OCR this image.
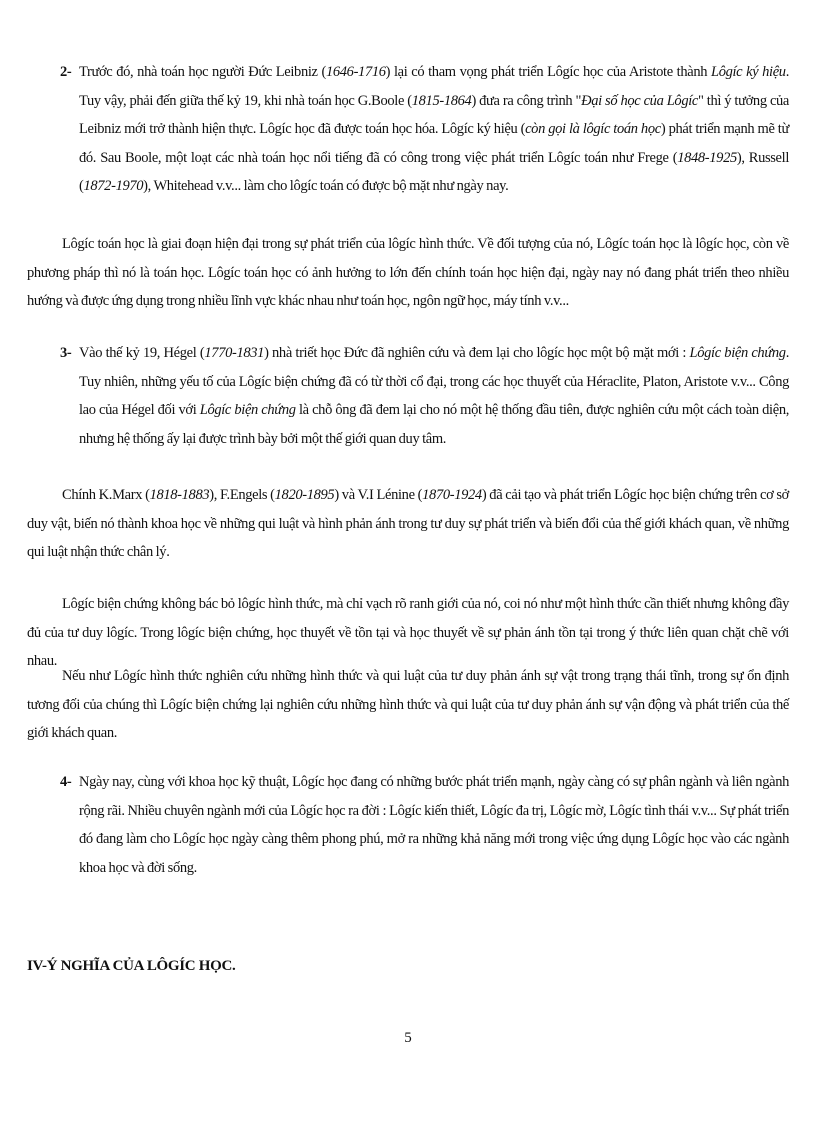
2- Trước đó, nhà toán học người Đức Leibniz (1646-1716) lại có tham vọng phát triển Lôgíc học của Aristote thành Lôgíc ký hiệu. Tuy vậy, phải đến giữa thế kỷ 19, khi nhà toán học G.Boole (1815-1864) đưa ra công trình "Đại số học của Lôgíc" thì ý tưởng của Leibniz mới trở thành hiện thực. Lôgíc học đã được toán học hóa. Lôgíc ký hiệu (còn gọi là lôgíc toán học) phát triển mạnh mẽ từ đó. Sau Boole, một loạt các nhà toán học nổi tiếng đã có công trong việc phát triển Lôgíc toán như Frege (1848-1925), Russell (1872-1970), Whitehead v.v... làm cho lôgíc toán có được bộ mặt như ngày nay.

Lôgíc toán học là giai đoạn hiện đại trong sự phát triển của lôgíc hình thức. Về đối tượng của nó, Lôgíc toán học là lôgíc học, còn về phương pháp thì nó là toán học. Lôgíc toán học có ảnh hưởng to lớn đến chính toán học hiện đại, ngày nay nó đang phát triển theo nhiều hướng và được ứng dụng trong nhiều lĩnh vực khác nhau như toán học, ngôn ngữ học, máy tính v.v...

3- Vào thế kỷ 19, Hégel (1770-1831) nhà triết học Đức đã nghiên cứu và đem lại cho lôgíc học một bộ mặt mới : Lôgíc biện chứng. Tuy nhiên, những yếu tố của Lôgíc biện chứng đã có từ thời cổ đại, trong các học thuyết của Héraclite, Platon, Aristote v.v... Công lao của Hégel đối với Lôgíc biện chứng là chỗ ông đã đem lại cho nó một hệ thống đầu tiên, được nghiên cứu một cách toàn diện, nhưng hệ thống ấy lại được trình bày bởi một thế giới quan duy tâm.

Chính K.Marx (1818-1883), F.Engels (1820-1895) và V.I Lénine (1870-1924) đã cải tạo và phát triển Lôgíc học biện chứng trên cơ sở duy vật, biến nó thành khoa học về những qui luật và hình phản ánh trong tư duy sự phát triển và biến đổi của thế giới khách quan, về những qui luật nhận thức chân lý.

Lôgíc biện chứng không bác bỏ lôgíc hình thức, mà chỉ vạch rõ ranh giới của nó, coi nó như một hình thức cần thiết nhưng không đầy đủ của tư duy lôgíc. Trong lôgíc biện chứng, học thuyết về tồn tại và học thuyết về sự phản ánh tồn tại trong ý thức liên quan chặt chẽ với nhau.

Nếu như Lôgíc hình thức nghiên cứu những hình thức và qui luật của tư duy phản ánh sự vật trong trạng thái tĩnh, trong sự ổn định tương đối của chúng thì Lôgíc biện chứng lại nghiên cứu những hình thức và qui luật của tư duy phản ánh sự vận động và phát triển của thế giới khách quan.

4- Ngày nay, cùng với khoa học kỹ thuật, Lôgíc học đang có những bước phát triển mạnh, ngày càng có sự phân ngành và liên ngành rộng rãi. Nhiều chuyên ngành mới của Lôgíc học ra đời : Lôgíc kiến thiết, Lôgíc đa trị, Lôgíc mờ, Lôgíc tình thái v.v... Sự phát triển đó đang làm cho Lôgíc học ngày càng thêm phong phú, mở ra những khả năng mới trong việc ứng dụng Lôgíc học vào các ngành khoa học và đời sống.

IV-Ý NGHĨA CỦA LÔGÍC HỌC.
5
